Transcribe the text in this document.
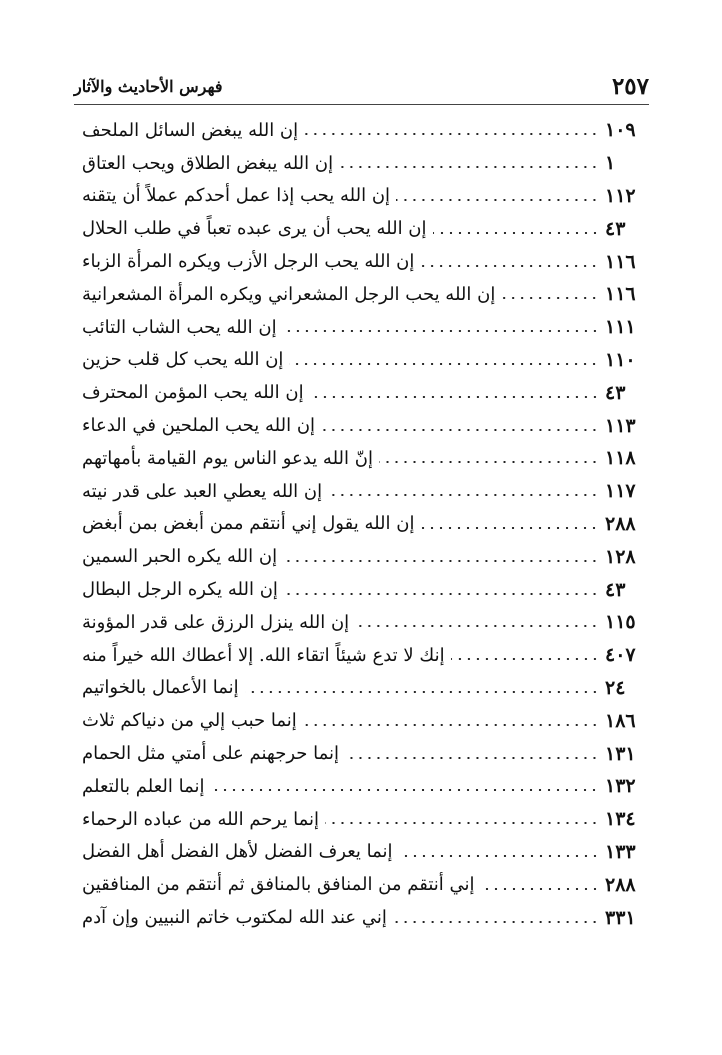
فهرس الأحاديث والآثار	٢٥٧
إن الله يبغض السائل الملحف	١٠٩
إن الله يبغض الطلاق ويحب العتاق	١
إن الله يحب إذا عمل أحدكم عملاً أن يتقنه	١١٢
إن الله يحب أن يرى عبده تعباً في طلب الحلال	٤٣
إن الله يحب الرجل الأزب ويكره المرأة الزباء	١١٦
إن الله يحب الرجل المشعراني ويكره المرأة المشعرانية	١١٦
إن الله يحب الشاب التائب	١١١
إن الله يحب كل قلب حزين	١١٠
إن الله يحب المؤمن المحترف	٤٣
إن الله يحب الملحين في الدعاء	١١٣
إنّ الله يدعو الناس يوم القيامة بأمهاتهم	١١٨
إن الله يعطي العبد على قدر نيته	١١٧
إن الله يقول إني أنتقم ممن أبغض بمن أبغض	٢٨٨
إن الله يكره الحبر السمين	١٢٨
إن الله يكره الرجل البطال	٤٣
إن الله ينزل الرزق على قدر المؤونة	١١٥
إنك لا تدع شيئاً اتقاء الله. إلا أعطاك الله خيراً منه	٤٠٧
إنما الأعمال بالخواتيم	٢٤
إنما حبب إلي من دنياكم ثلاث	١٨٦
إنما حرجهنم على أمتي مثل الحمام	١٣١
إنما العلم بالتعلم	١٣٢
إنما يرحم الله من عباده الرحماء	١٣٤
إنما يعرف الفضل لأهل الفضل أهل الفضل	١٣٣
إني أنتقم من المنافق بالمنافق ثم أنتقم من المنافقين	٢٨٨
إني عند الله لمكتوب خاتم النبيين وإن آدم	٣٣١
